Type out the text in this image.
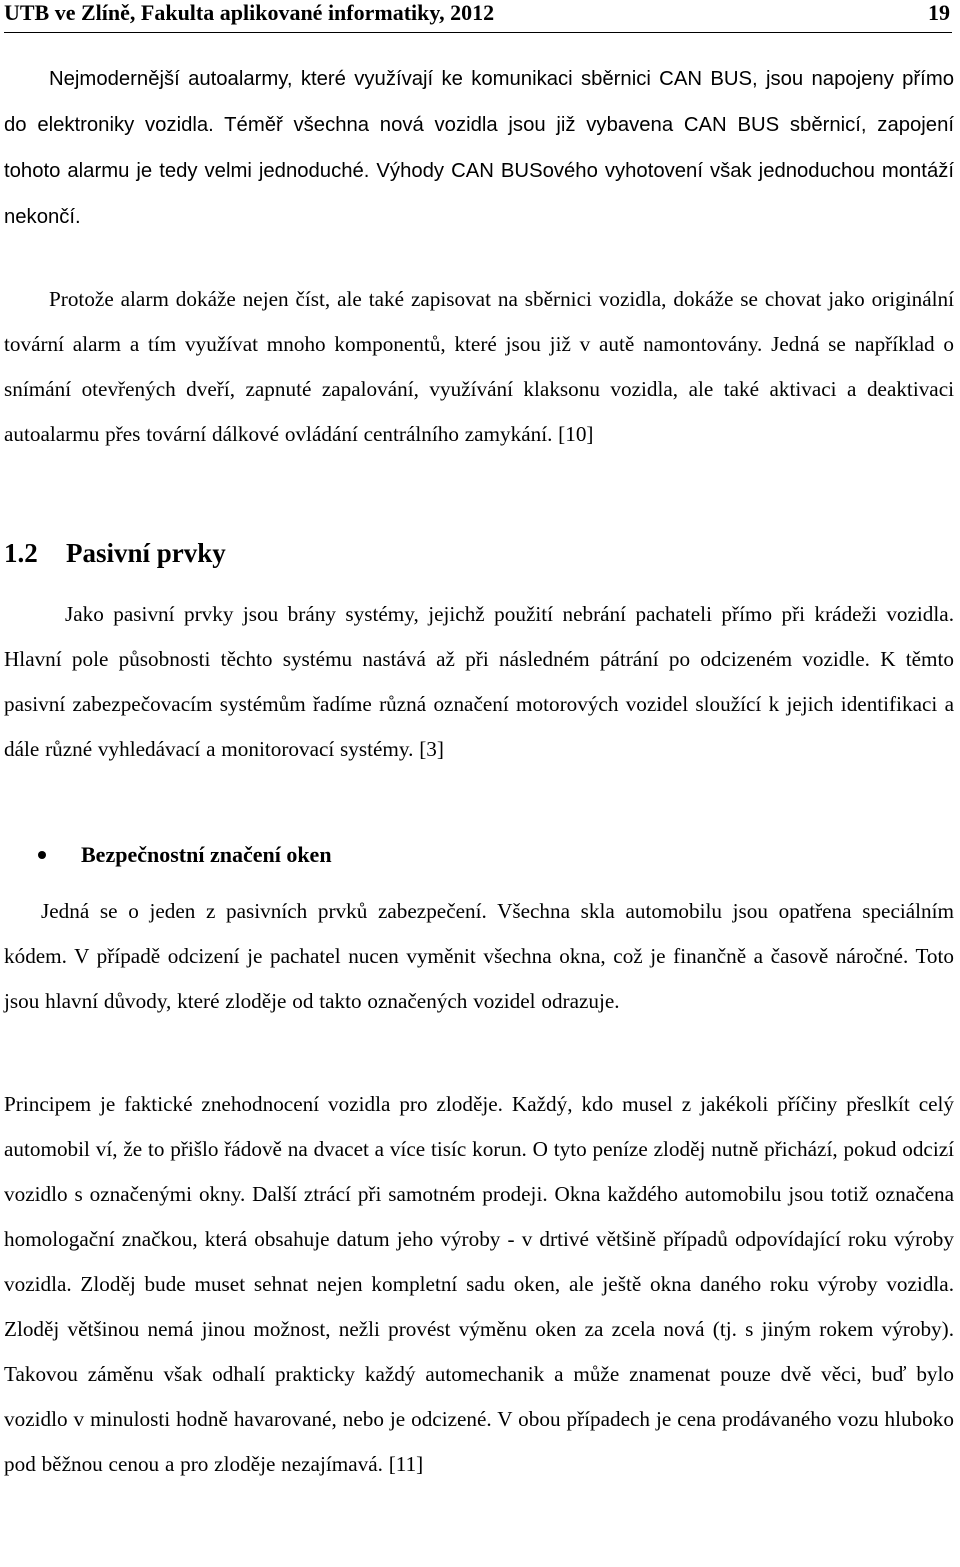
UTB ve Zlíně, Fakulta aplikované informatiky, 2012	19

Nejmodernější autoalarmy, které využívají ke komunikaci sběrnici CAN BUS, jsou napojeny přímo do elektroniky vozidla. Téměř všechna nová vozidla jsou již vybavena CAN BUS sběrnicí, zapojení tohoto alarmu je tedy velmi jednoduché. Výhody CAN BUSového vyhotovení však jednoduchou montáží nekončí.

Protože alarm dokáže nejen číst, ale také zapisovat na sběrnici vozidla, dokáže se chovat jako originální tovární alarm a tím využívat mnoho komponentů, které jsou již v autě namontovány. Jedná se například o snímání otevřených dveří, zapnuté zapalování, využívání klaksonu vozidla, ale také aktivaci a deaktivaci autoalarmu přes tovární dálkové ovládání centrálního zamykání. [10]

1.2 Pasivní prvky

Jako pasivní prvky jsou brány systémy, jejichž použití nebrání pachateli přímo při krádeži vozidla. Hlavní pole působnosti těchto systému nastává až při následném pátrání po odcizeném vozidle. K těmto pasivní zabezpečovacím systémům řadíme různá označení motorových vozidel sloužící k jejich identifikaci a dále různé vyhledávací a monitorovací systémy. [3]

Bezpečnostní značení oken

Jedná se o jeden z pasivních prvků zabezpečení. Všechna skla automobilu jsou opatřena speciálním kódem. V případě odcizení je pachatel nucen vyměnit všechna okna, což je finančně a časově náročné. Toto jsou hlavní důvody, které zloděje od takto označených vozidel odrazuje.

Principem je faktické znehodnocení vozidla pro zloděje. Každý, kdo musel z jakékoli příčiny přeslkít celý automobil ví, že to přišlo řádově na dvacet a více tisíc korun. O tyto peníze zloděj nutně přichází, pokud odcizí vozidlo s označenými okny. Další ztrácí při samotném prodeji. Okna každého automobilu jsou totiž označena homologační značkou, která obsahuje datum jeho výroby - v drtivé většině případů odpovídající roku výroby vozidla. Zloděj bude muset sehnat nejen kompletní sadu oken, ale ještě okna daného roku výroby vozidla. Zloděj většinou nemá jinou možnost, nežli provést výměnu oken za zcela nová (tj. s jiným rokem výroby). Takovou záměnu však odhalí prakticky každý automechanik a může znamenat pouze dvě věci, buď bylo vozidlo v minulosti hodně havarované, nebo je odcizené. V obou případech je cena prodávaného vozu hluboko pod běžnou cenou a pro zloděje nezajímavá. [11]
